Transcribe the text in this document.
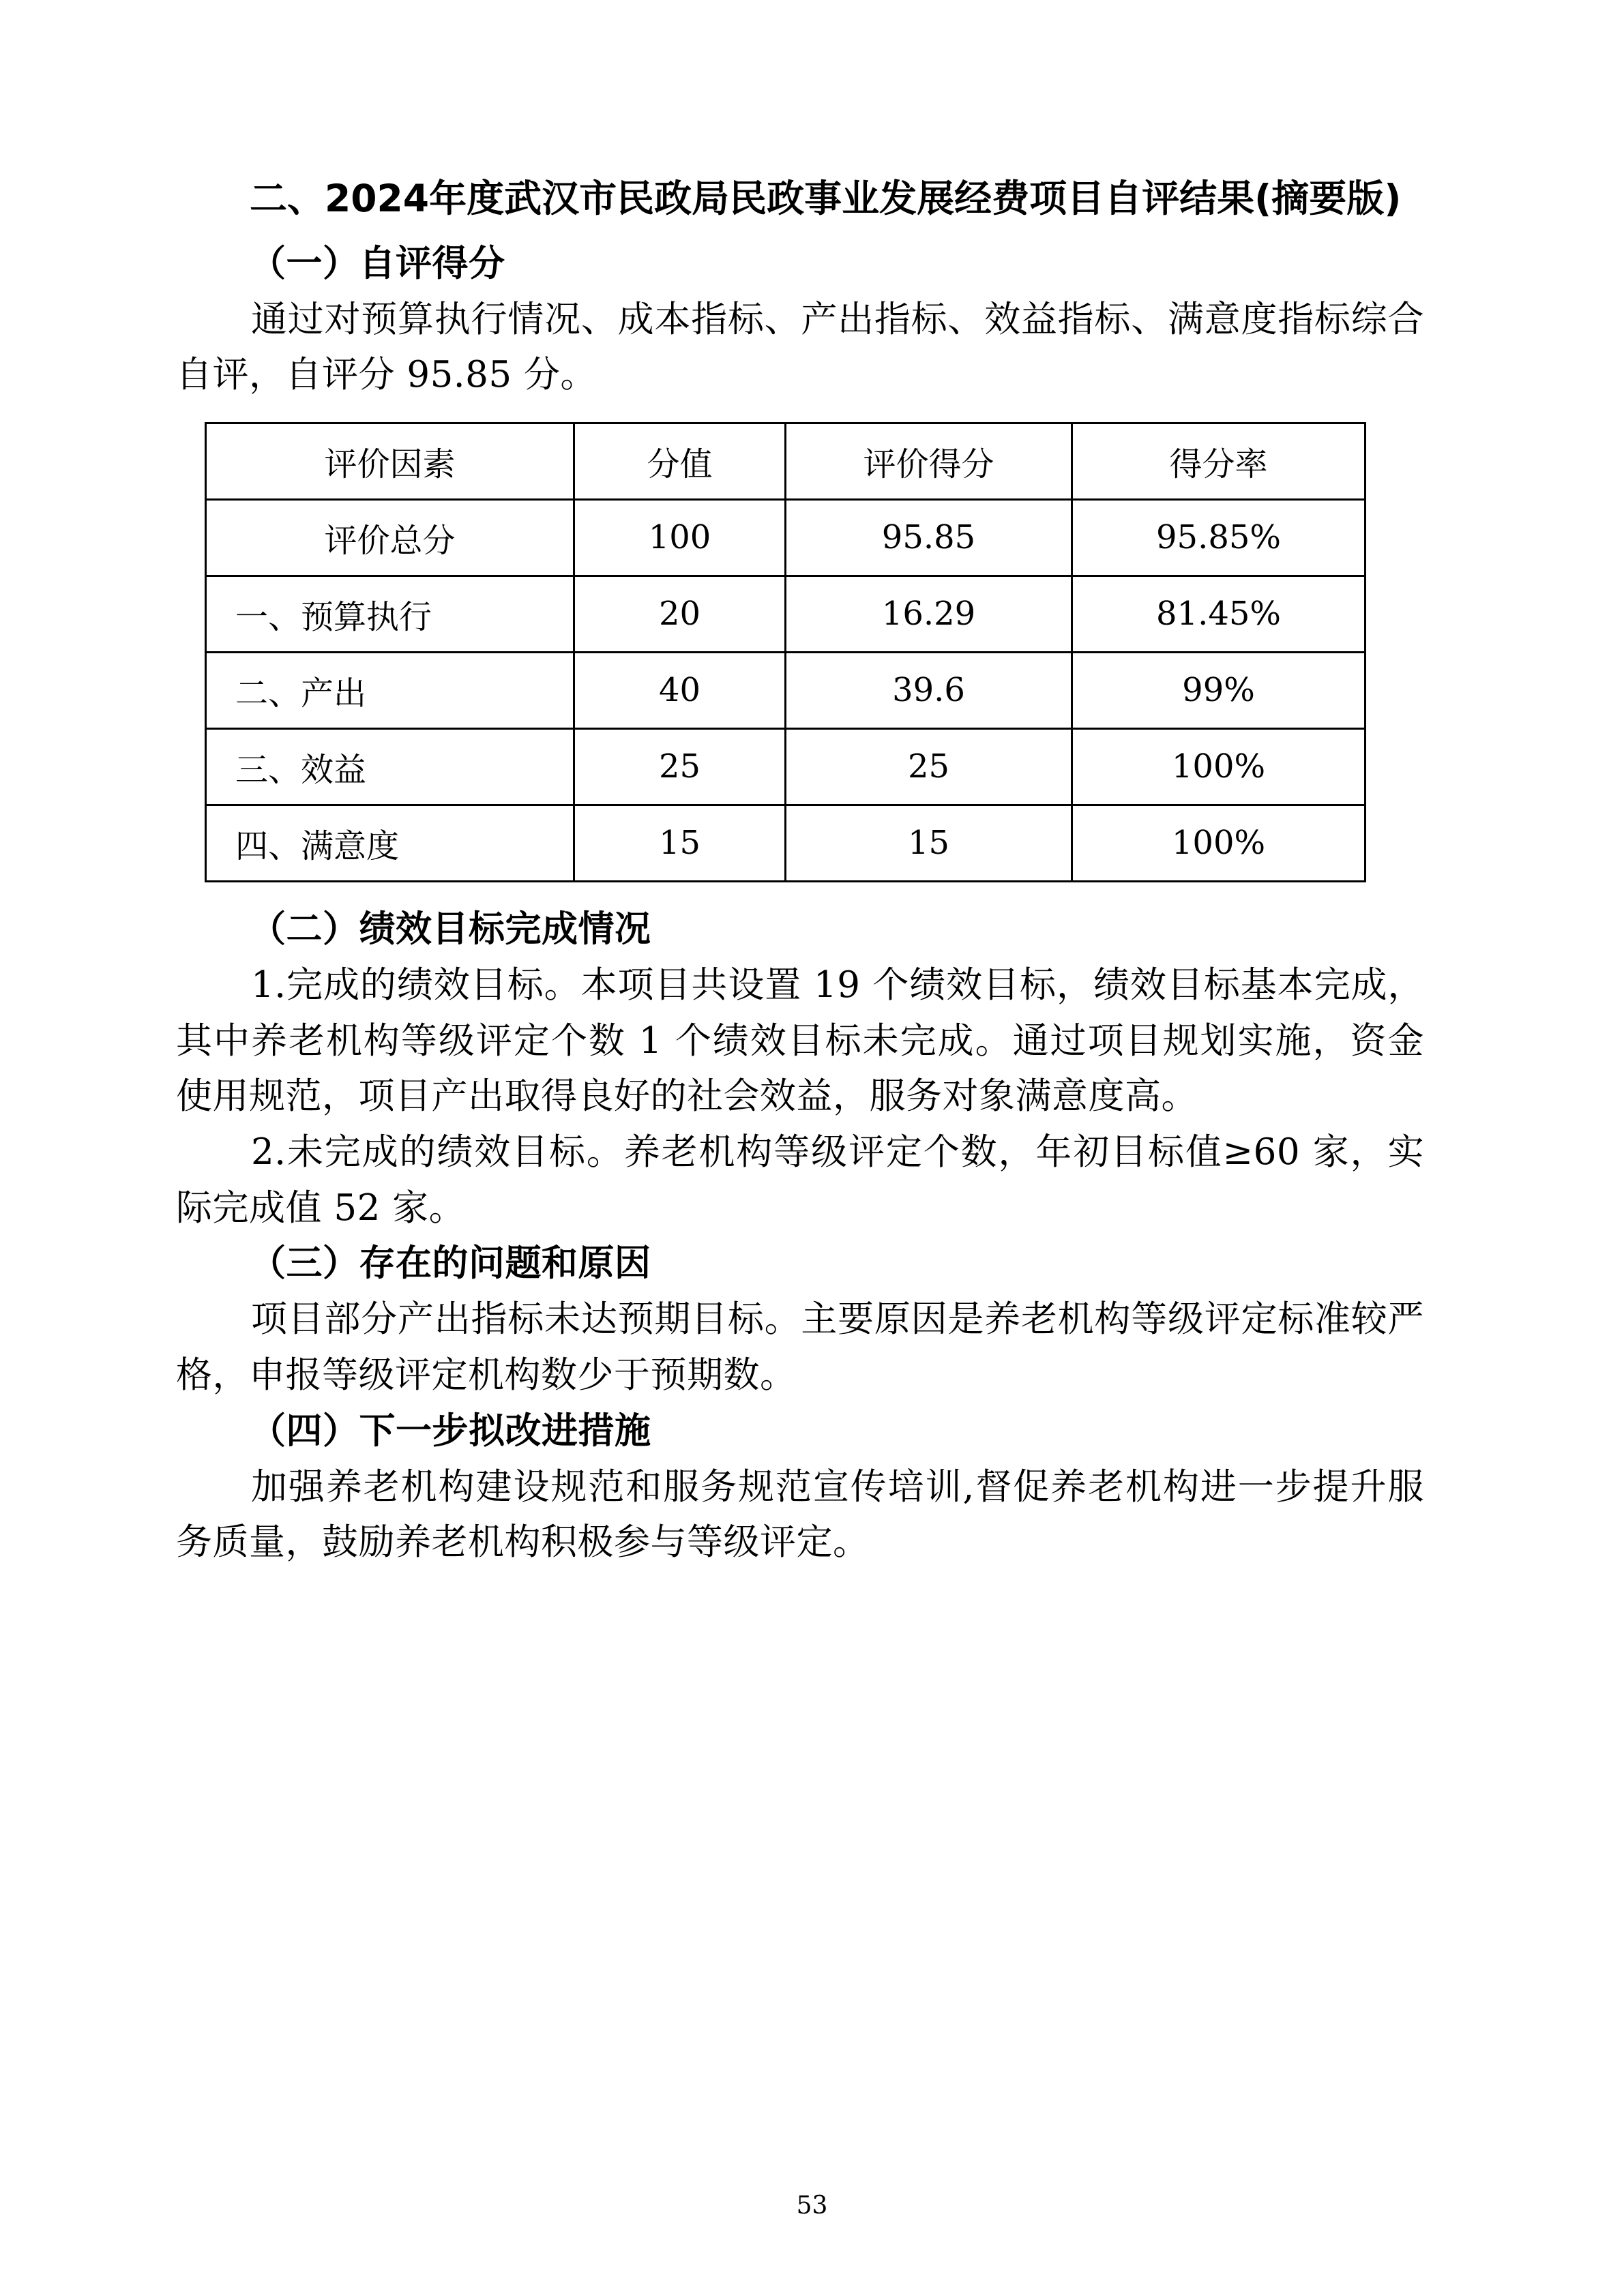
二、2024年度武汉市民政局民政事业发展经费项目自评结果(摘要版)
（一）自评得分

通过对预算执行情况、成本指标、产出指标、效益指标、满意度指标综合自评，自评分 95.85 分。

评价因素	分值	评价得分	得分率
评价总分	100	95.85	95.85%
一、预算执行	20	16.29	81.45%
二、产出	40	39.6	99%
三、效益	25	25	100%
四、满意度	15	15	100%
（二）绩效目标完成情况

1.完成的绩效目标。本项目共设置 19 个绩效目标，绩效目标基本完成，其中养老机构等级评定个数 1 个绩效目标未完成。通过项目规划实施，资金使用规范，项目产出取得良好的社会效益，服务对象满意度高。

2.未完成的绩效目标。养老机构等级评定个数，年初目标值≥60 家，实际完成值 52 家。

（三）存在的问题和原因

项目部分产出指标未达预期目标。主要原因是养老机构等级评定标准较严格，申报等级评定机构数少于预期数。

（四）下一步拟改进措施

加强养老机构建设规范和服务规范宣传培训,督促养老机构进一步提升服务质量，鼓励养老机构积极参与等级评定。

53
